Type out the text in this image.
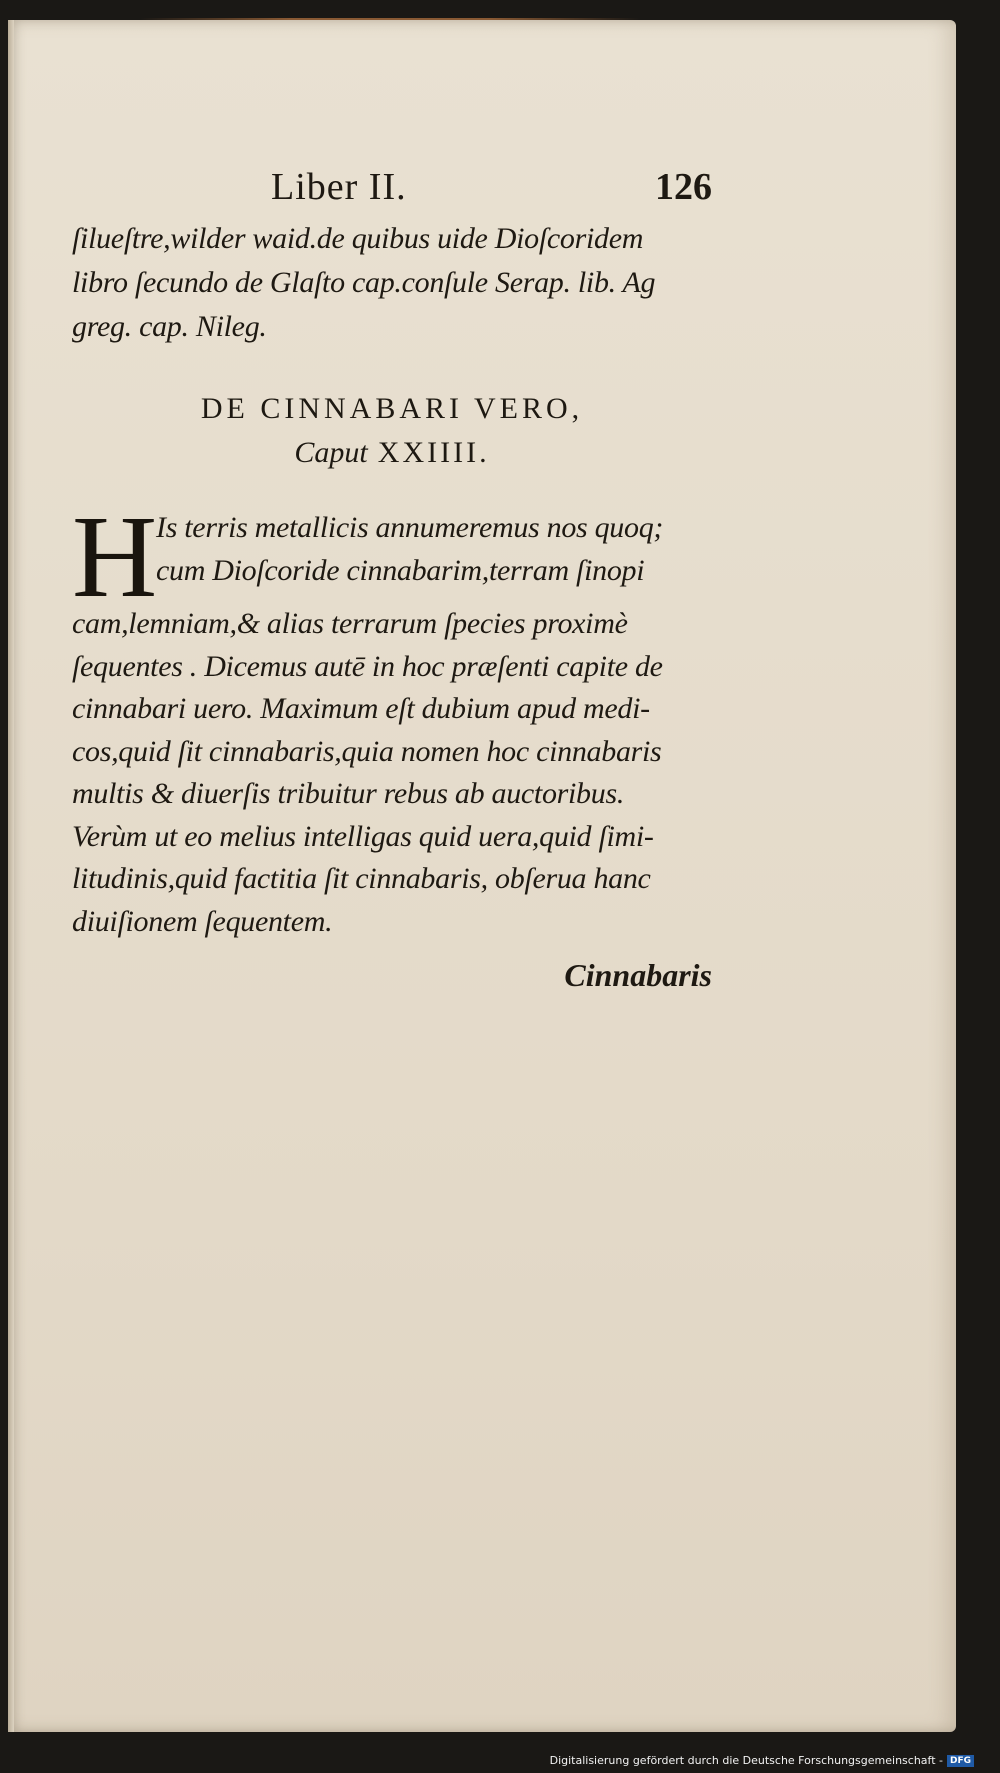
Liber II.	126
ſilueſtre,wilder waid.de quibus uide Dioſcoridem
libro ſecundo de Glaſto cap.conſule Serap. lib. Ag
greg. cap. Nileg.
DE CINNABARI VERO,
Caput XXIIII.
H
Is terris metallicis annumeremus nos quoq;
cum Dioſcoride cinnabarim,terram ſinopi
cam,lemniam,& alias terrarum ſpecies proximè
ſequentes . Dicemus autē in hoc præſenti capite de
cinnabari uero. Maximum eſt dubium apud medi-
cos,quid ſit cinnabaris,quia nomen hoc cinnabaris
multis & diuerſis tribuitur rebus ab auctoribus.
Verùm ut eo melius intelligas quid uera,quid ſimi-
litudinis,quid factitia ſit cinnabaris, obſerua hanc
diuiſionem ſequentem.
Cinnabaris
Digitalisierung gefördert durch die Deutsche Forschungsgemeinschaft - DFG
